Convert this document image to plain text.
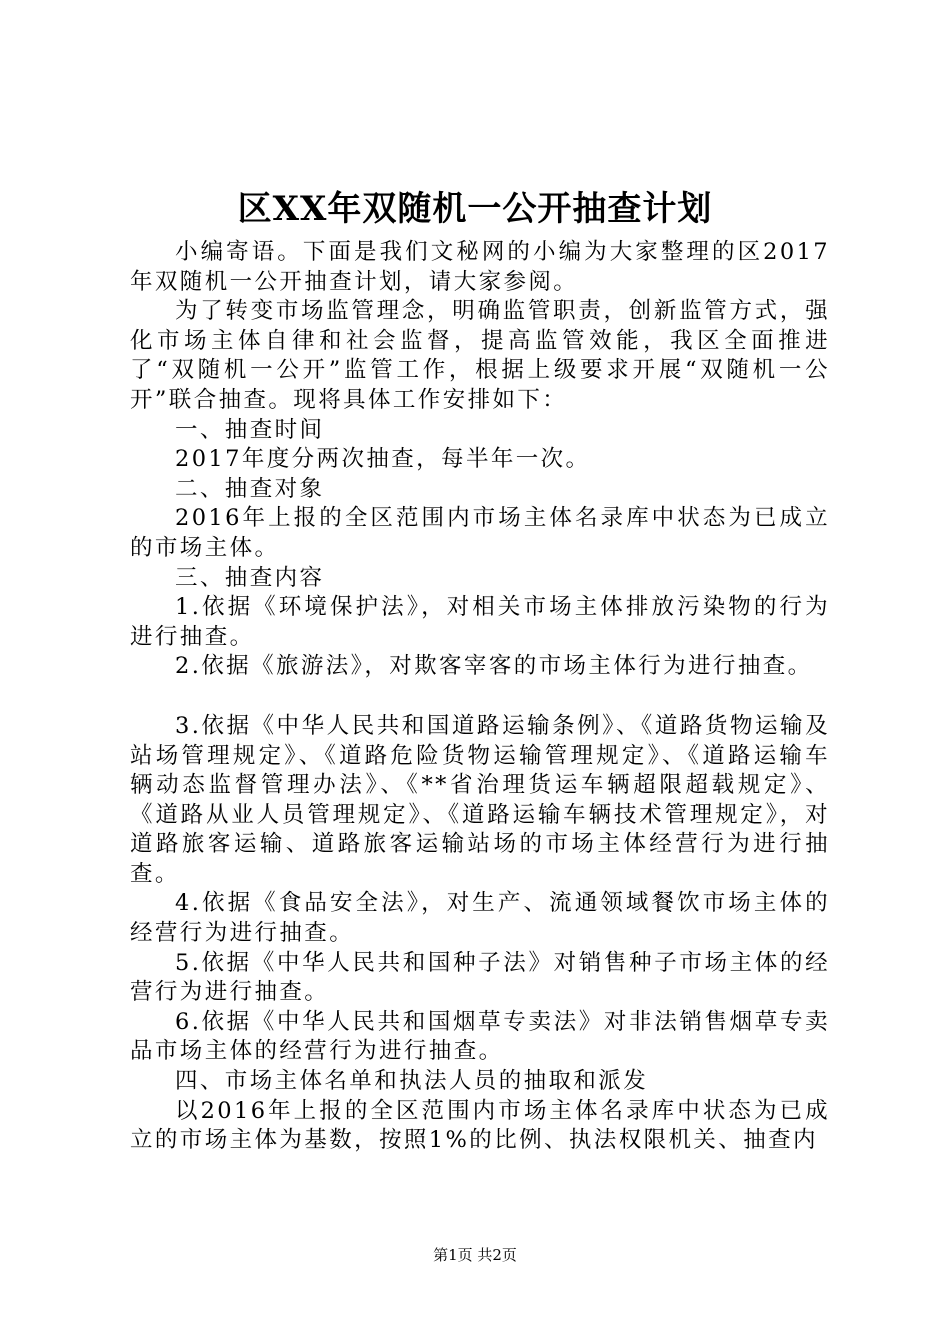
区XX年双随机一公开抽查计划

小编寄语。下面是我们文秘网的小编为大家整理的区2017年双随机一公开抽查计划，请大家参阅。

为了转变市场监管理念，明确监管职责，创新监管方式，强化市场主体自律和社会监督，提高监管效能，我区全面推进了“双随机一公开”监管工作，根据上级要求开展“双随机一公开”联合抽查。现将具体工作安排如下：

一、抽查时间

2017年度分两次抽查，每半年一次。

二、抽查对象

2016年上报的全区范围内市场主体名录库中状态为已成立的市场主体。

三、抽查内容

1.依据《环境保护法》，对相关市场主体排放污染物的行为进行抽查。

2.依据《旅游法》，对欺客宰客的市场主体行为进行抽查。

3.依据《中华人民共和国道路运输条例》、《道路货物运输及站场管理规定》、《道路危险货物运输管理规定》、《道路运输车辆动态监督管理办法》、《**省治理货运车辆超限超载规定》、《道路从业人员管理规定》、《道路运输车辆技术管理规定》，对道路旅客运输、道路旅客运输站场的市场主体经营行为进行抽查。

4.依据《食品安全法》，对生产、流通领域餐饮市场主体的经营行为进行抽查。

5.依据《中华人民共和国种子法》对销售种子市场主体的经营行为进行抽查。

6.依据《中华人民共和国烟草专卖法》对非法销售烟草专卖品市场主体的经营行为进行抽查。

四、市场主体名单和执法人员的抽取和派发

以2016年上报的全区范围内市场主体名录库中状态为已成立的市场主体为基数，按照1%的比例、执法权限机关、抽查内

第1页 共2页
